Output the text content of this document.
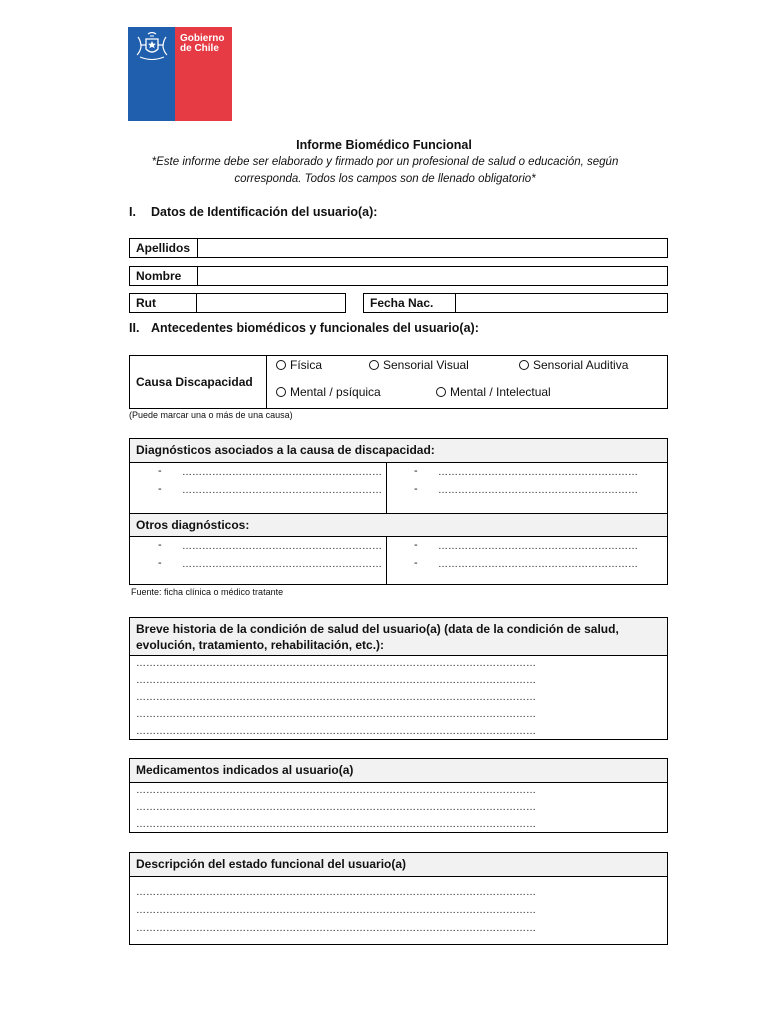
Gobierno
de Chile
Informe Biomédico Funcional
*Este informe debe ser elaborado y firmado por un profesional de salud o educación, según corresponda. Todos los campos son de llenado obligatorio*
I. Datos de Identificación del usuario(a):
Apellidos
Nombre
Rut	Fecha Nac.
II. Antecedentes biomédicos y funcionales del usuario(a):
Causa Discapacidad
Física	Sensorial Visual	Sensorial Auditiva
Mental / psíquica	Mental / Intelectual
(Puede marcar una o más de una causa)
Diagnósticos asociados a la causa de discapacidad:
- ……………………………………………………
- ……………………………………………………
- ……………………………………………………
- ……………………………………………………
Otros diagnósticos:
- ……………………………………………………
- ……………………………………………………
- ……………………………………………………
- ……………………………………………………
Fuente: ficha clínica o médico tratante
Breve historia de la condición de salud del usuario(a) (data de la condición de salud, evolución, tratamiento, rehabilitación, etc.):
…………………………………………………………………………………………………………
…………………………………………………………………………………………………………
…………………………………………………………………………………………………………
…………………………………………………………………………………………………………
…………………………………………………………………………………………………………
Medicamentos indicados al usuario(a)
…………………………………………………………………………………………………………
…………………………………………………………………………………………………………
…………………………………………………………………………………………………………
Descripción del estado funcional del usuario(a)
…………………………………………………………………………………………………………
…………………………………………………………………………………………………………
…………………………………………………………………………………………………………
